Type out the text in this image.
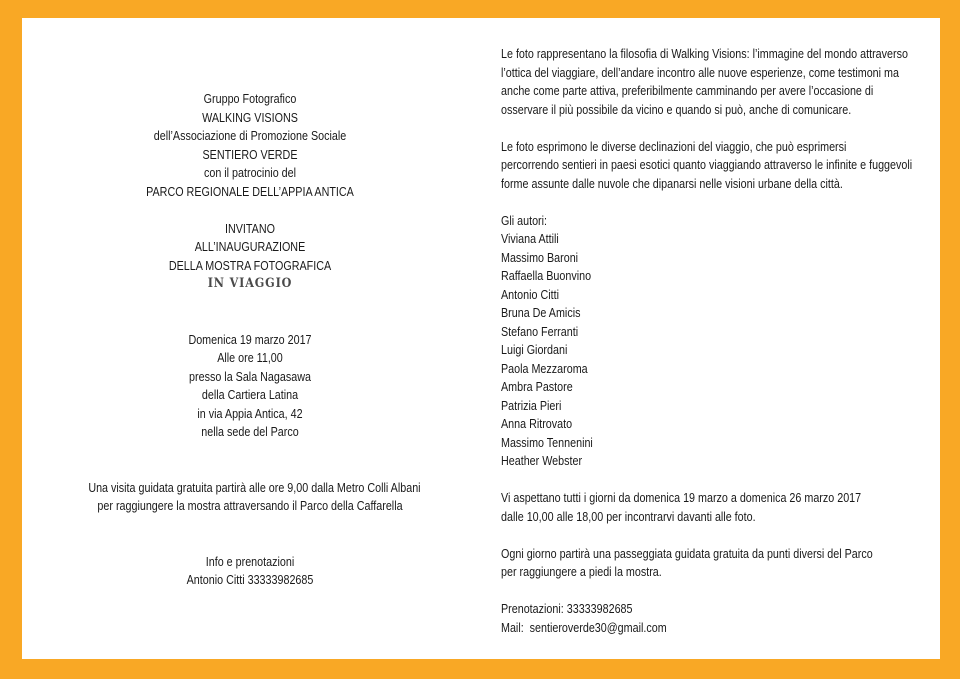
Gruppo Fotografico
WALKING VISIONS
dell’Associazione di Promozione Sociale
SENTIERO VERDE
con il patrocinio del
PARCO REGIONALE DELL’APPIA ANTICA
INVITANO
ALL’INAUGURAZIONE
DELLA MOSTRA FOTOGRAFICA
IN VIAGGIO
Domenica 19 marzo 2017
Alle ore 11,00
presso la Sala Nagasawa
della Cartiera Latina
in via Appia Antica, 42
nella sede del Parco
Una visita guidata gratuita partirà alle ore 9,00 dalla Metro Colli Albani
per raggiungere la mostra attraversando il Parco della Caffarella
Info e prenotazioni
Antonio Citti 33333982685

Le foto rappresentano la filosofia di Walking Visions: l’immagine del mondo attraverso
l’ottica del viaggiare, dell’andare incontro alle nuove esperienze, come testimoni ma
anche come parte attiva, preferibilmente camminando per avere l’occasione di
osservare il più possibile da vicino e quando si può, anche di comunicare.

Le foto esprimono le diverse declinazioni del viaggio, che può esprimersi
percorrendo sentieri in paesi esotici quanto viaggiando attraverso le infinite e fuggevoli
forme assunte dalle nuvole che dipanarsi nelle visioni urbane della città.

Gli autori:
Viviana Attili
Massimo Baroni
Raffaella Buonvino
Antonio Citti
Bruna De Amicis
Stefano Ferranti
Luigi Giordani
Paola Mezzaroma
Ambra Pastore
Patrizia Pieri
Anna Ritrovato
Massimo Tennenini
Heather Webster

Vi aspettano tutti i giorni da domenica 19 marzo a domenica 26 marzo 2017
dalle 10,00 alle 18,00 per incontrarvi davanti alle foto.

Ogni giorno partirà una passeggiata guidata gratuita da punti diversi del Parco
per raggiungere a piedi la mostra.

Prenotazioni: 33333982685
Mail:  sentieroverde30@gmail.com
